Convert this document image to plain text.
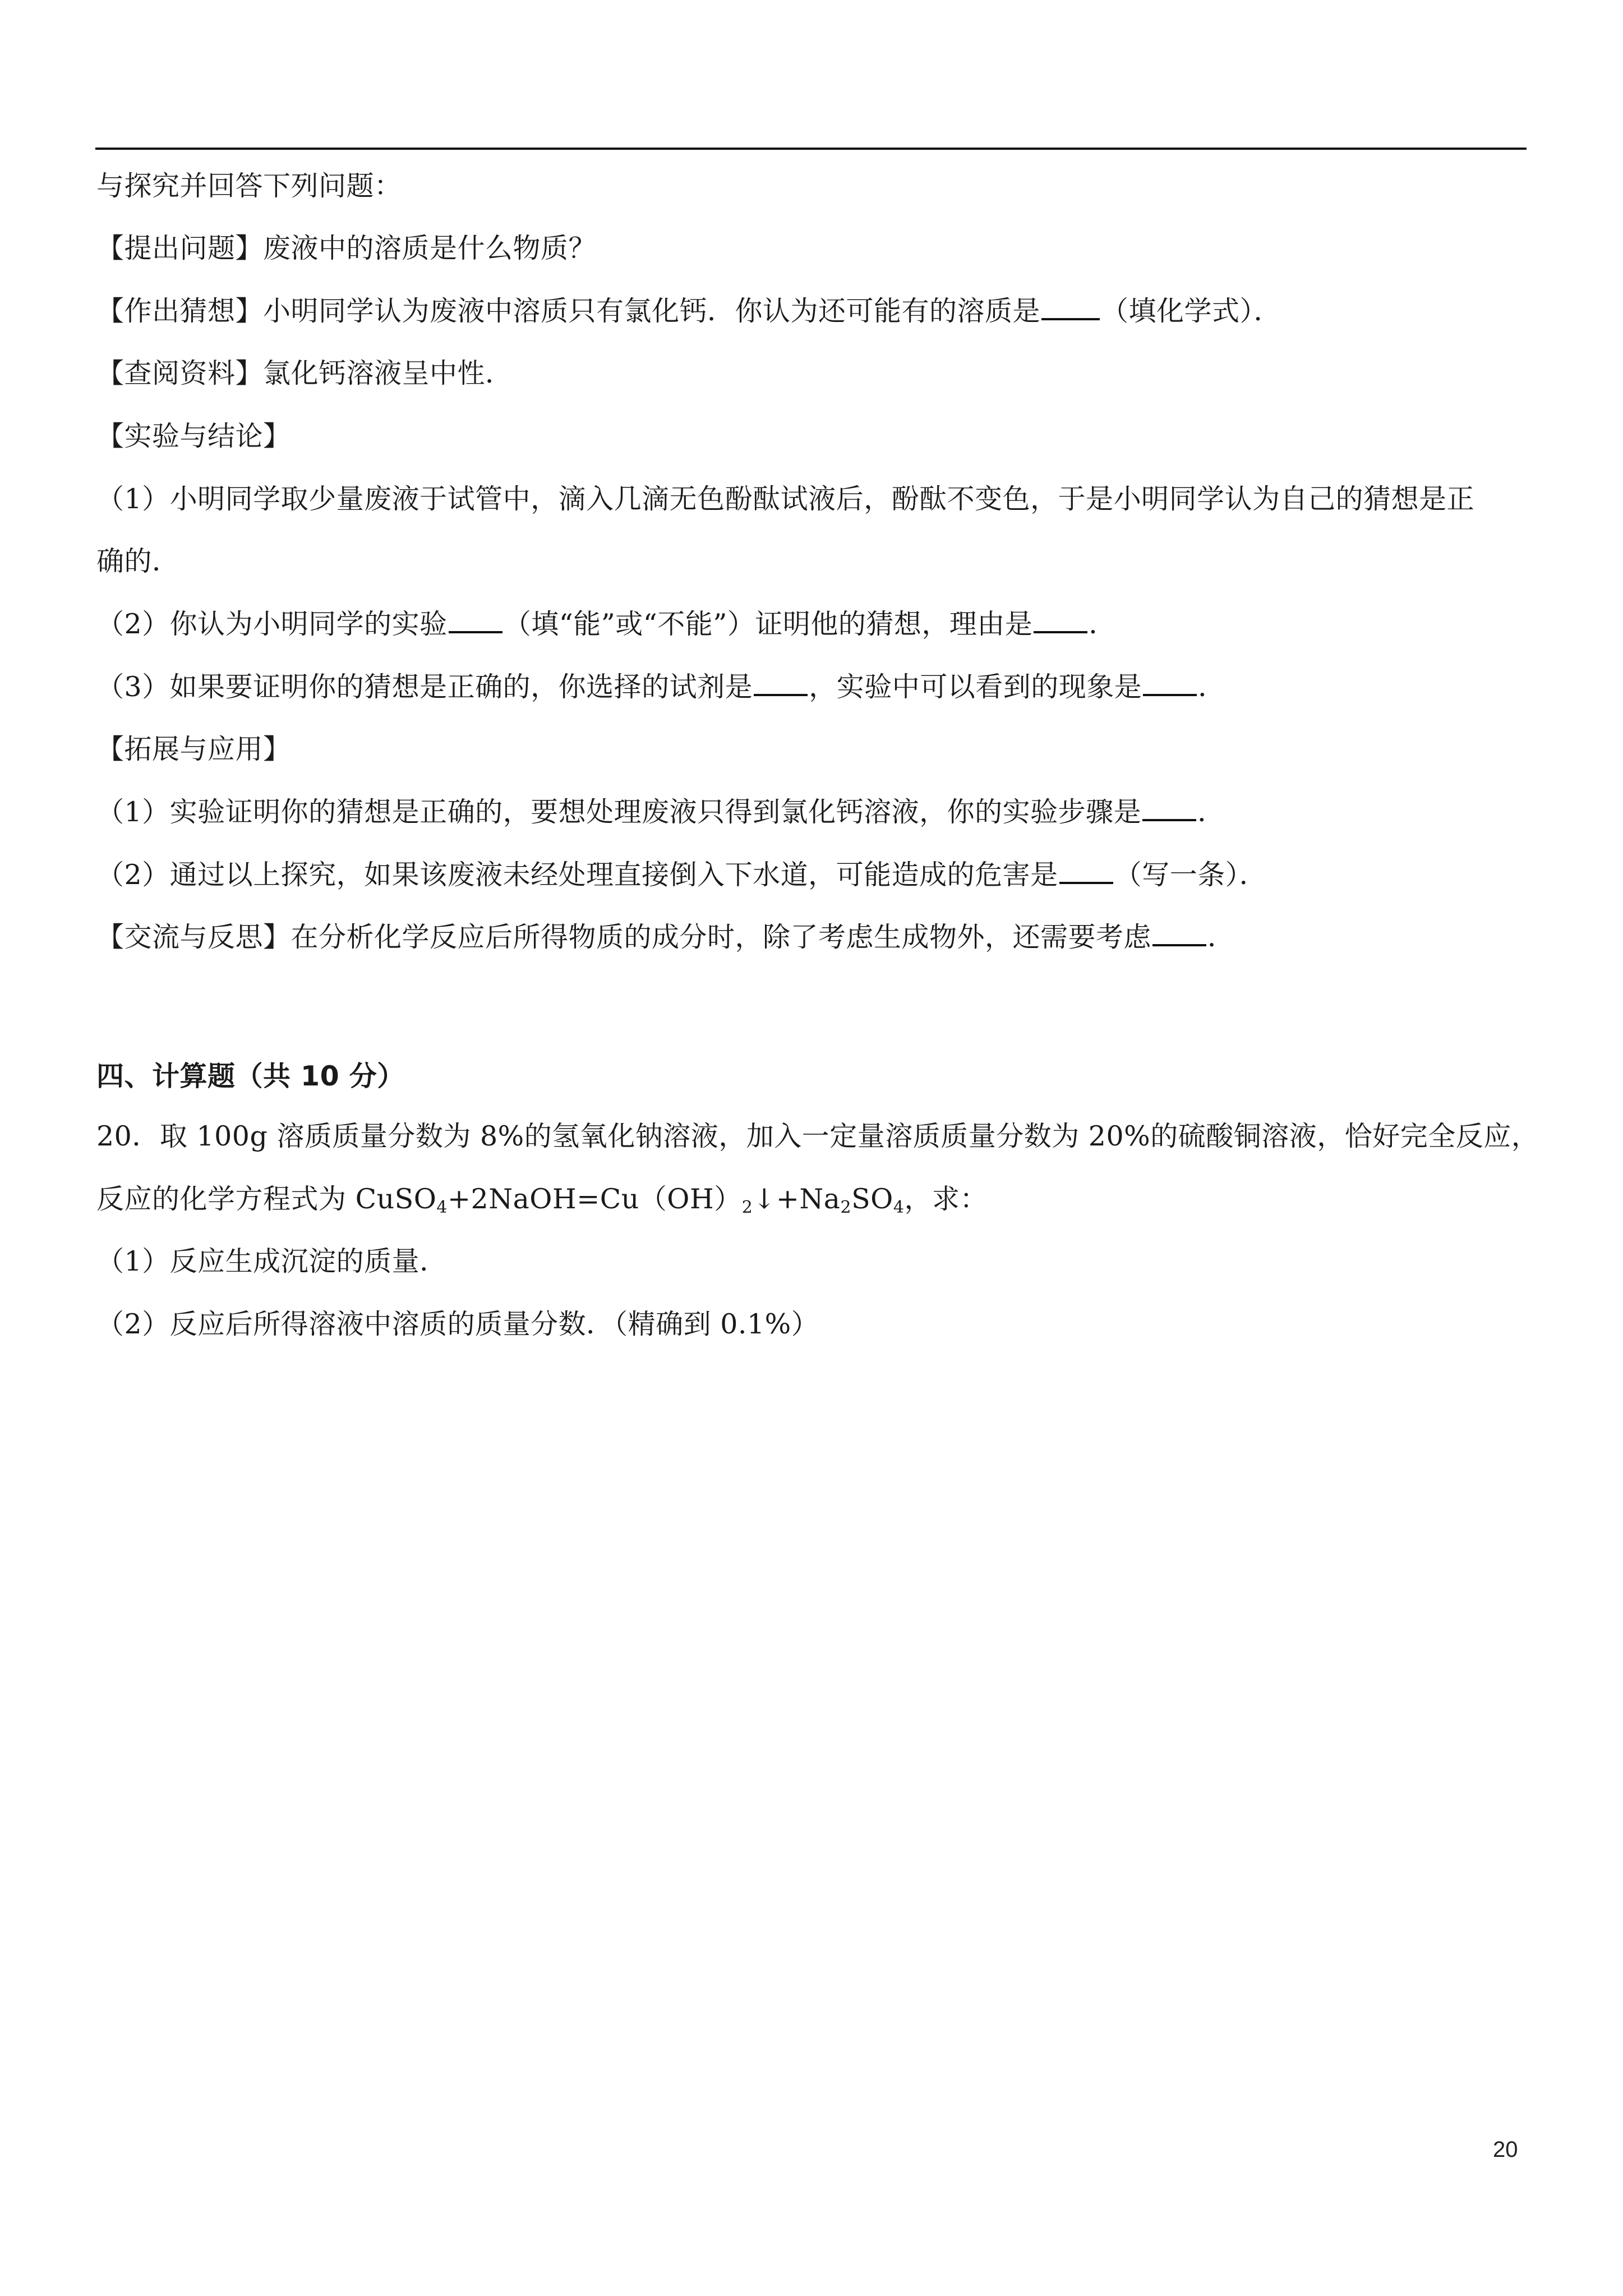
与探究并回答下列问题：
【提出问题】废液中的溶质是什么物质？
【作出猜想】小明同学认为废液中溶质只有氯化钙．你认为还可能有的溶质是 （填化学式）．
【查阅资料】氯化钙溶液呈中性．
【实验与结论】
（1）小明同学取少量废液于试管中，滴入几滴无色酚酞试液后，酚酞不变色，于是小明同学认为自己的猜想是正
确的．
（2）你认为小明同学的实验 （填“能”或“不能”）证明他的猜想，理由是 ．
（3）如果要证明你的猜想是正确的，你选择的试剂是 ，实验中可以看到的现象是 ．
【拓展与应用】
（1）实验证明你的猜想是正确的，要想处理废液只得到氯化钙溶液，你的实验步骤是 ．
（2）通过以上探究，如果该废液未经处理直接倒入下水道，可能造成的危害是 （写一条）．
【交流与反思】在分析化学反应后所得物质的成分时，除了考虑生成物外，还需要考虑 ．
四、计算题（共 10 分）
20．取 100g 溶质质量分数为 8%的氢氧化钠溶液，加入一定量溶质质量分数为 20%的硫酸铜溶液，恰好完全反应，
反应的化学方程式为 $CuSO_4+2NaOH=Cu(OH)_2↓+Na_2SO_4$，求：
（1）反应生成沉淀的质量．
（2）反应后所得溶液中溶质的质量分数．（精确到 0.1%）
20
